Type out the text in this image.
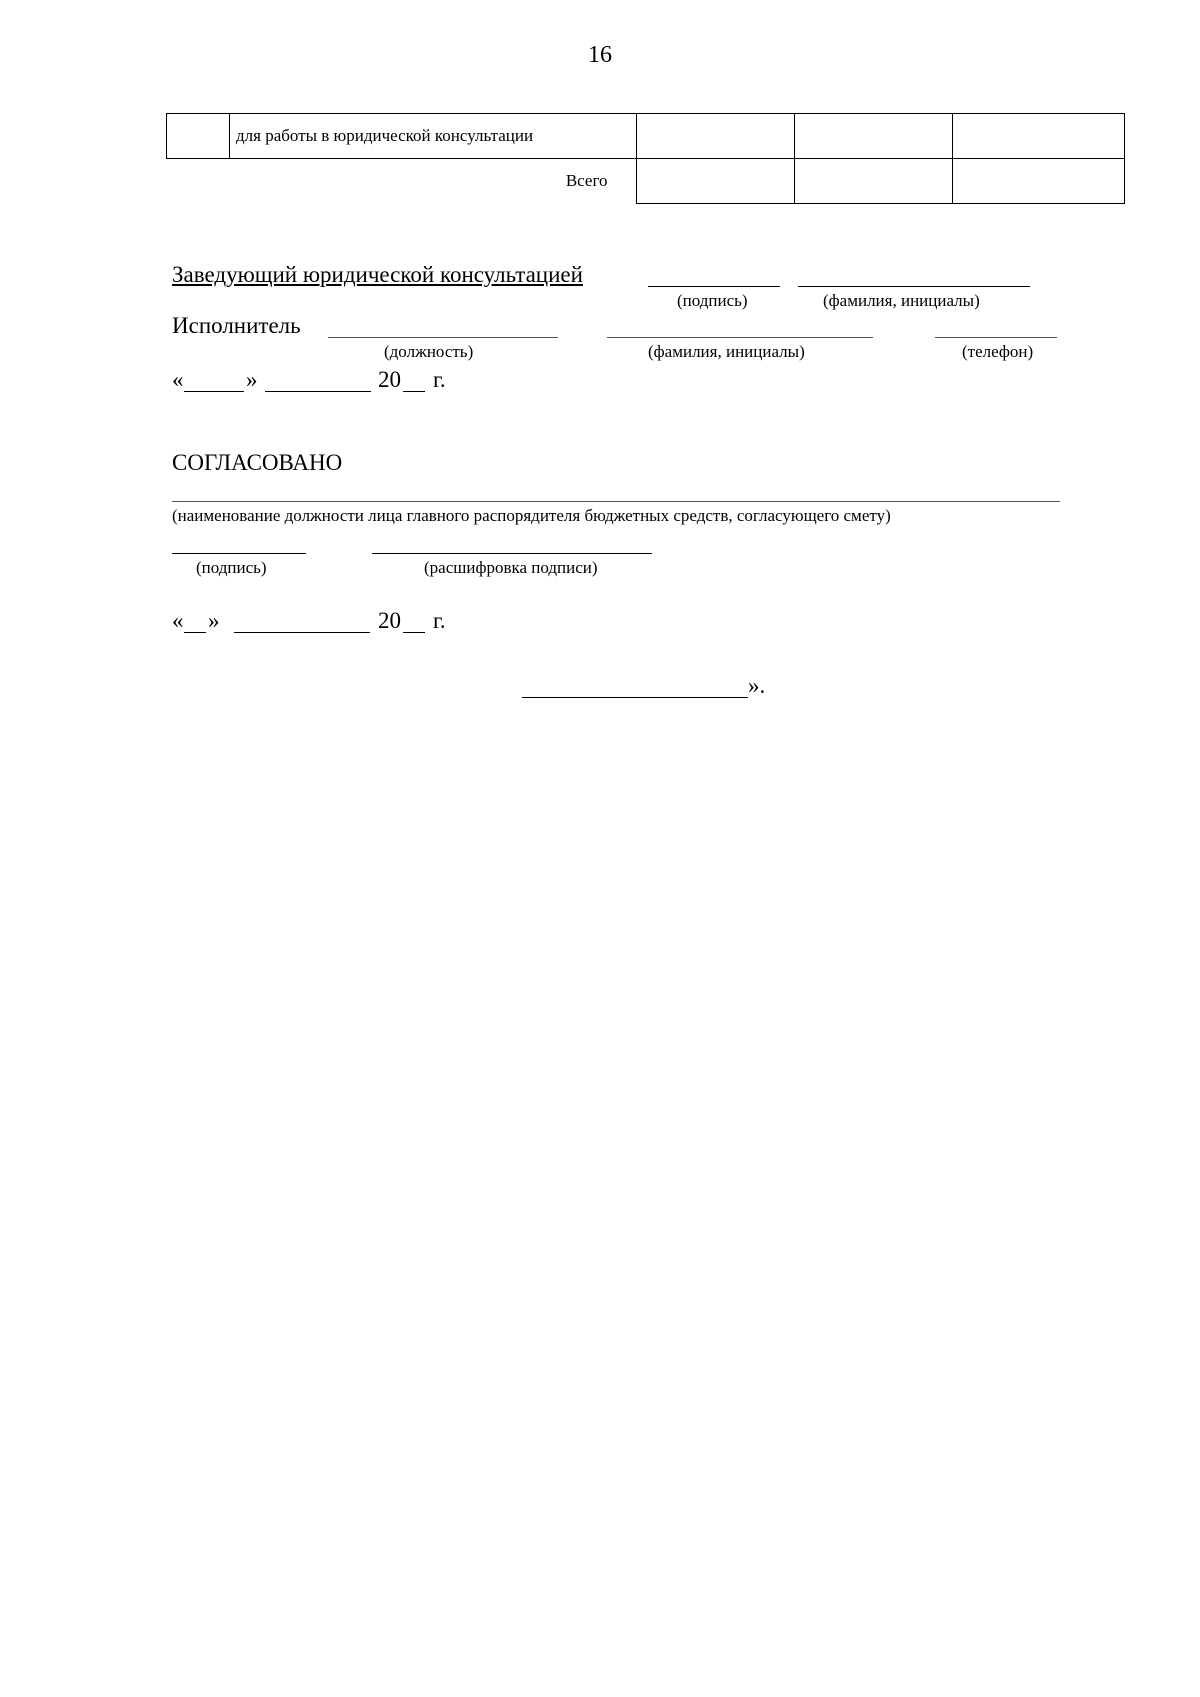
16
	для работы в юридической консультации			
	Всего			
Заведующий юридической консультацией
(подпись)	(фамилия, инициалы)
Исполнитель
(должность)	(фамилия, инициалы)	(телефон)
«	»	20 г.
СОГЛАСОВАНО
(наименование должности лица главного распорядителя бюджетных средств, согласующего смету)
(подпись)	(расшифровка подписи)
« »	20 г.
».
